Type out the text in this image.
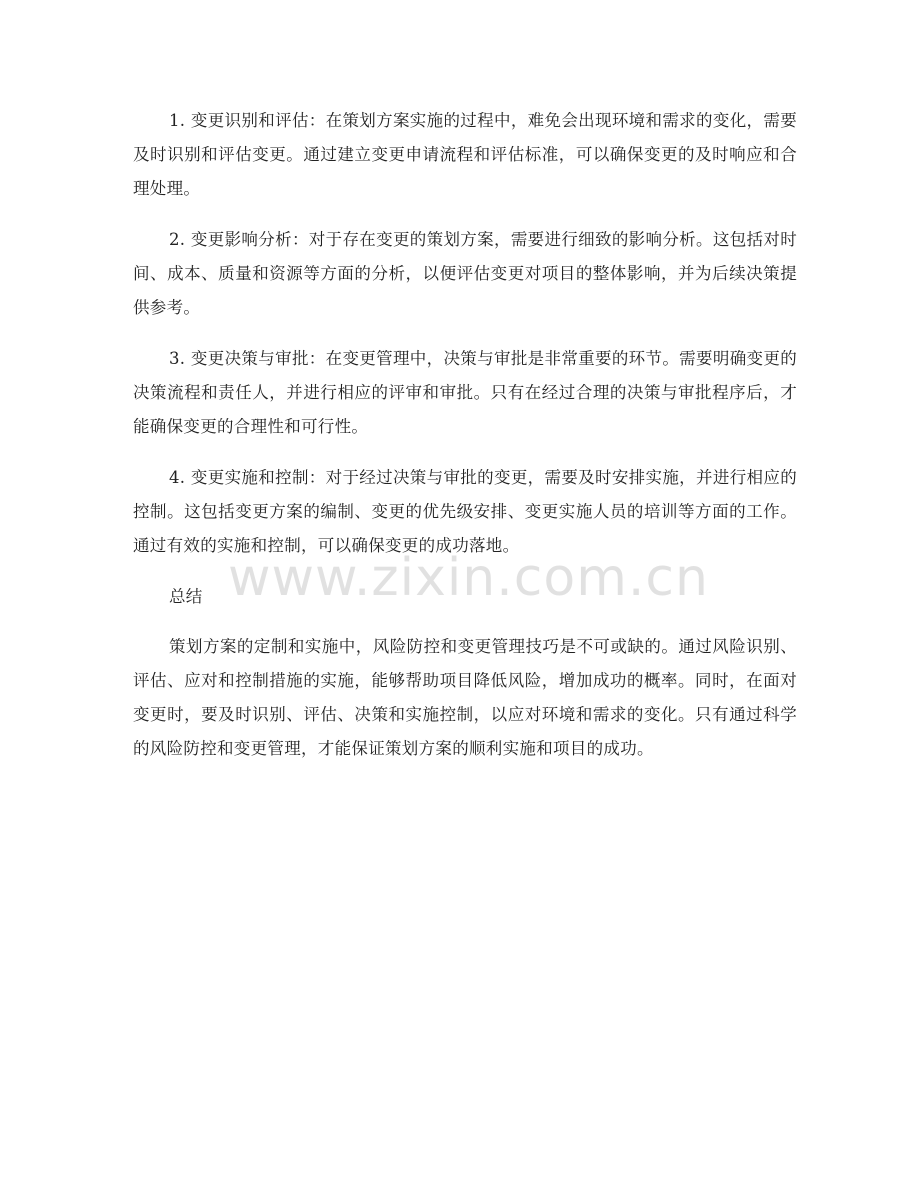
1. 变更识别和评估：在策划方案实施的过程中，难免会出现环境和需求的变化，需要及时识别和评估变更。通过建立变更申请流程和评估标准，可以确保变更的及时响应和合理处理。

2. 变更影响分析：对于存在变更的策划方案，需要进行细致的影响分析。这包括对时间、成本、质量和资源等方面的分析，以便评估变更对项目的整体影响，并为后续决策提供参考。

3. 变更决策与审批：在变更管理中，决策与审批是非常重要的环节。需要明确变更的决策流程和责任人，并进行相应的评审和审批。只有在经过合理的决策与审批程序后，才能确保变更的合理性和可行性。

4. 变更实施和控制：对于经过决策与审批的变更，需要及时安排实施，并进行相应的控制。这包括变更方案的编制、变更的优先级安排、变更实施人员的培训等方面的工作。通过有效的实施和控制，可以确保变更的成功落地。

总结

策划方案的定制和实施中，风险防控和变更管理技巧是不可或缺的。通过风险识别、评估、应对和控制措施的实施，能够帮助项目降低风险，增加成功的概率。同时，在面对变更时，要及时识别、评估、决策和实施控制，以应对环境和需求的变化。只有通过科学的风险防控和变更管理，才能保证策划方案的顺利实施和项目的成功。

www.zixin.com.cn
